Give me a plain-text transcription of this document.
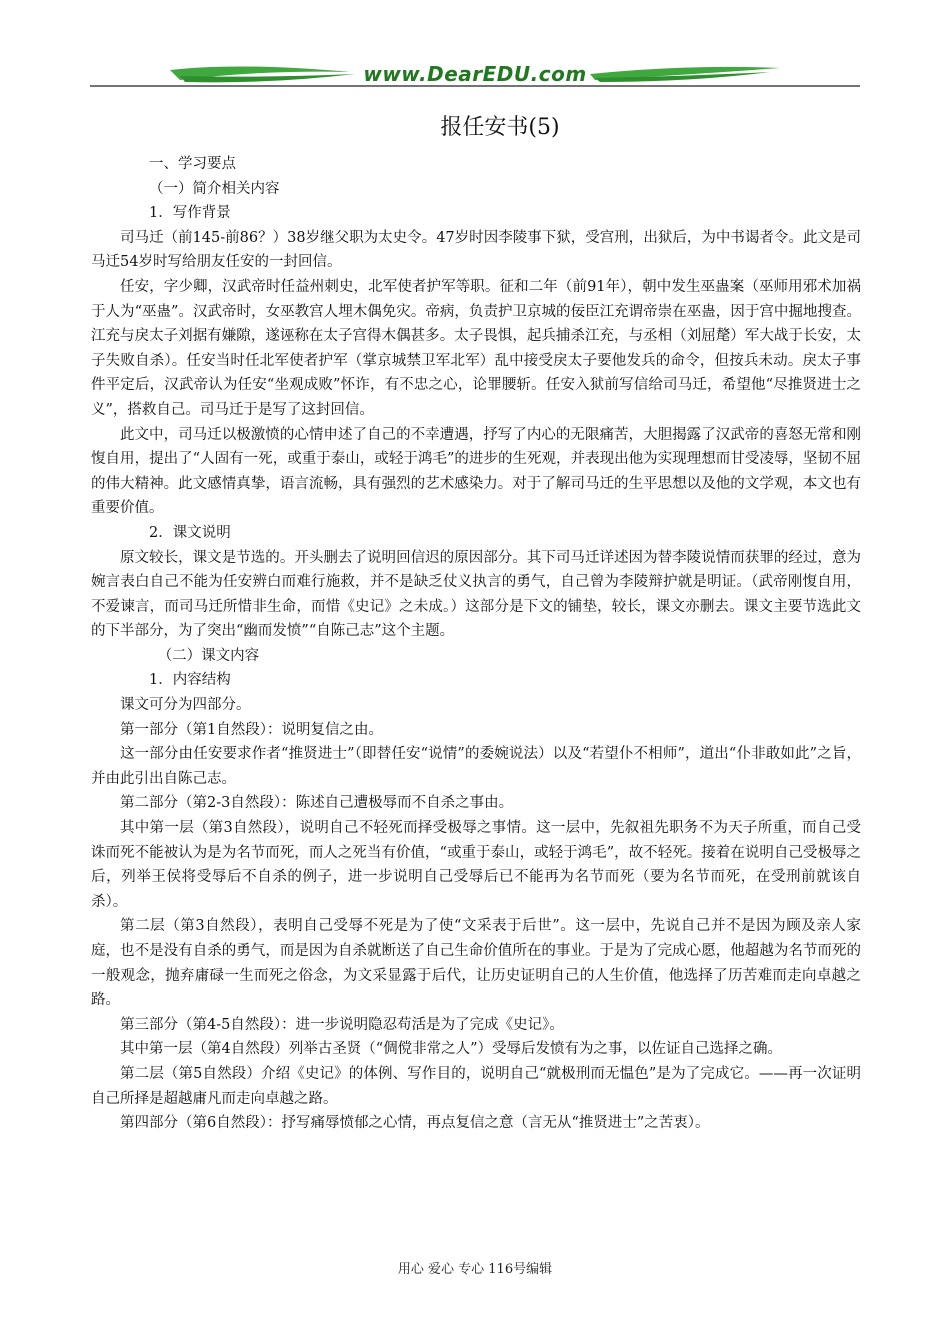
www.DearEDU.com
报任安书(5)

一、学习要点

（一）简介相关内容

1．写作背景

司马迁（前145-前86？）38岁继父职为太史令。47岁时因李陵事下狱，受宫刑，出狱后，为中书谒者令。此文是司马迁54岁时写给朋友任安的一封回信。

任安，字少卿，汉武帝时任益州刺史，北军使者护军等职。征和二年（前91年），朝中发生巫蛊案（巫师用邪术加祸于人为“巫蛊”。汉武帝时，女巫教宫人埋木偶免灾。帝病，负责护卫京城的佞臣江充谓帝崇在巫蛊，因于宫中掘地搜查。江充与戾太子刘据有嫌隙，遂诬称在太子宫得木偶甚多。太子畏惧，起兵捕杀江充，与丞相（刘屈氂）军大战于长安，太子失败自杀）。任安当时任北军使者护军（掌京城禁卫军北军）乱中接受戾太子要他发兵的命令，但按兵未动。戾太子事件平定后，汉武帝认为任安“坐观成败”怀诈，有不忠之心，论罪腰斩。任安入狱前写信给司马迁，希望他“尽推贤进士之义”，搭救自己。司马迁于是写了这封回信。

此文中，司马迁以极激愤的心情申述了自己的不幸遭遇，抒写了内心的无限痛苦，大胆揭露了汉武帝的喜怒无常和刚愎自用，提出了“人固有一死，或重于泰山，或轻于鸿毛”的进步的生死观，并表现出他为实现理想而甘受凌辱，坚韧不屈的伟大精神。此文感情真挚，语言流畅，具有强烈的艺术感染力。对于了解司马迁的生平思想以及他的文学观，本文也有重要价值。

2．课文说明

原文较长，课文是节选的。开头删去了说明回信迟的原因部分。其下司马迁详述因为替李陵说情而获罪的经过，意为婉言表白自己不能为任安辨白而难行施救，并不是缺乏仗义执言的勇气，自己曾为李陵辩护就是明证。（武帝刚愎自用，不爱谏言，而司马迁所惜非生命，而惜《史记》之未成。）这部分是下文的铺垫，较长，课文亦删去。课文主要节选此文的下半部分，为了突出“幽而发愤”“自陈己志”这个主题。

（二）课文内容

1．内容结构

课文可分为四部分。

第一部分（第1自然段）：说明复信之由。

这一部分由任安要求作者“推贤进士”（即替任安“说情”的委婉说法）以及“若望仆不相师”，道出“仆非敢如此”之旨，并由此引出自陈己志。

第二部分（第2-3自然段）：陈述自己遭极辱而不自杀之事由。

其中第一层（第3自然段），说明自己不轻死而择受极辱之事情。这一层中，先叙祖先职务不为天子所重，而自己受诛而死不能被认为是为名节而死，而人之死当有价值，“或重于泰山，或轻于鸿毛”，故不轻死。接着在说明自己受极辱之后，列举王侯将受辱后不自杀的例子，进一步说明自己受辱后已不能再为名节而死（要为名节而死，在受刑前就该自杀）。

第二层（第3自然段），表明自己受辱不死是为了使“文采表于后世”。这一层中，先说自己并不是因为顾及亲人家庭，也不是没有自杀的勇气，而是因为自杀就断送了自己生命价值所在的事业。于是为了完成心愿，他超越为名节而死的一般观念，抛弃庸碌一生而死之俗念，为文采显露于后代，让历史证明自己的人生价值，他选择了历苦难而走向卓越之路。

第三部分（第4-5自然段）：进一步说明隐忍苟活是为了完成《史记》。

其中第一层（第4自然段）列举古圣贤（“倜傥非常之人”）受辱后发愤有为之事，以佐证自己选择之确。

第二层（第5自然段）介绍《史记》的体例、写作目的，说明自己“就极刑而无愠色”是为了完成它。——再一次证明自己所择是超越庸凡而走向卓越之路。

第四部分（第6自然段）：抒写痛辱愤郁之心情，再点复信之意（言无从“推贤进士”之苦衷）。

用心 爱心 专心 116号编辑
